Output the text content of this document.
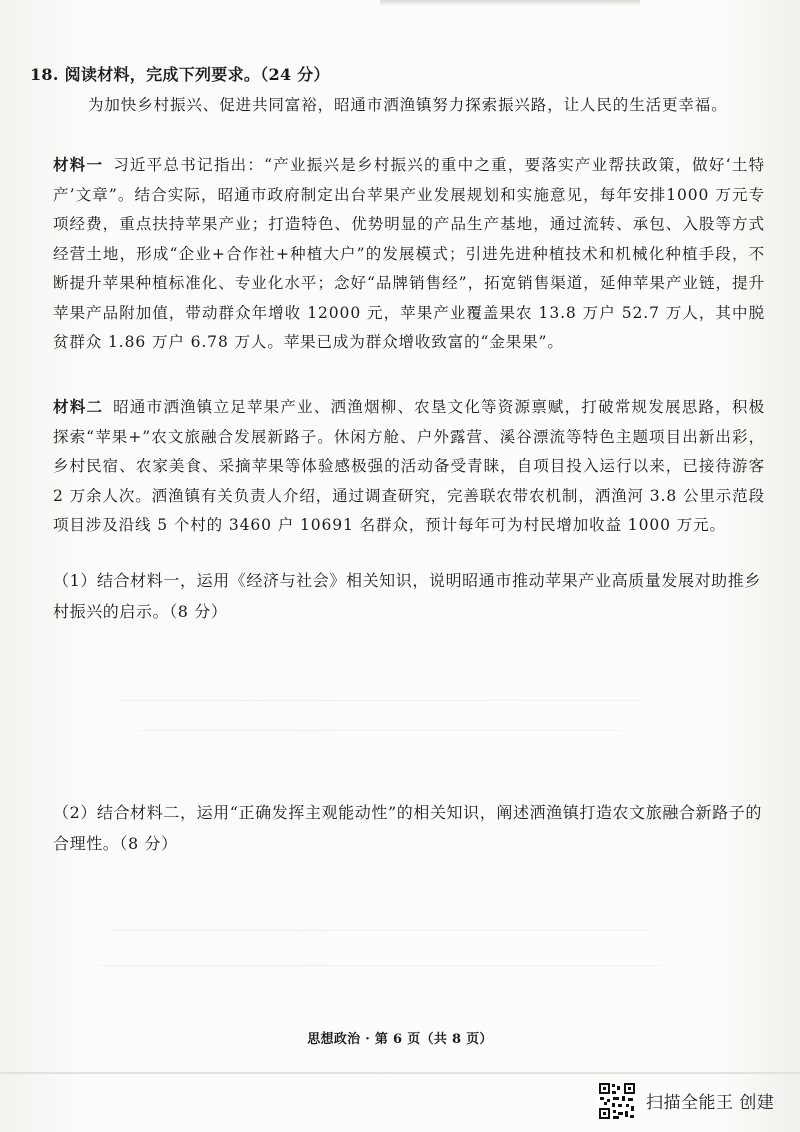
18. 阅读材料，完成下列要求。（24 分）
为加快乡村振兴、促进共同富裕，昭通市洒渔镇努力探索振兴路，让人民的生活更幸福。
材料一 习近平总书记指出：“产业振兴是乡村振兴的重中之重，要落实产业帮扶政策，做好‘土特产’文章”。结合实际，昭通市政府制定出台苹果产业发展规划和实施意见，每年安排1000 万元专项经费，重点扶持苹果产业；打造特色、优势明显的产品生产基地，通过流转、承包、入股等方式经营土地，形成“企业+合作社+种植大户”的发展模式；引进先进种植技术和机械化种植手段，不断提升苹果种植标准化、专业化水平；念好“品牌销售经”，拓宽销售渠道，延伸苹果产业链，提升苹果产品附加值，带动群众年增收 12000 元，苹果产业覆盖果农 13.8 万户 52.7 万人，其中脱贫群众 1.86 万户 6.78 万人。苹果已成为群众增收致富的“金果果”。
材料二 昭通市洒渔镇立足苹果产业、洒渔烟柳、农垦文化等资源禀赋，打破常规发展思路，积极探索“苹果+”农文旅融合发展新路子。休闲方舱、户外露营、溪谷漂流等特色主题项目出新出彩，乡村民宿、农家美食、采摘苹果等体验感极强的活动备受青睐，自项目投入运行以来，已接待游客 2 万余人次。洒渔镇有关负责人介绍，通过调查研究，完善联农带农机制，洒渔河 3.8 公里示范段项目涉及沿线 5 个村的 3460 户 10691 名群众，预计每年可为村民增加收益 1000 万元。
（1）结合材料一，运用《经济与社会》相关知识，说明昭通市推动苹果产业高质量发展对助推乡村振兴的启示。（8 分）
（2）结合材料二，运用“正确发挥主观能动性”的相关知识，阐述洒渔镇打造农文旅融合新路子的合理性。（8 分）
思想政治 · 第 6 页（共 8 页）
扫描全能王 创建
